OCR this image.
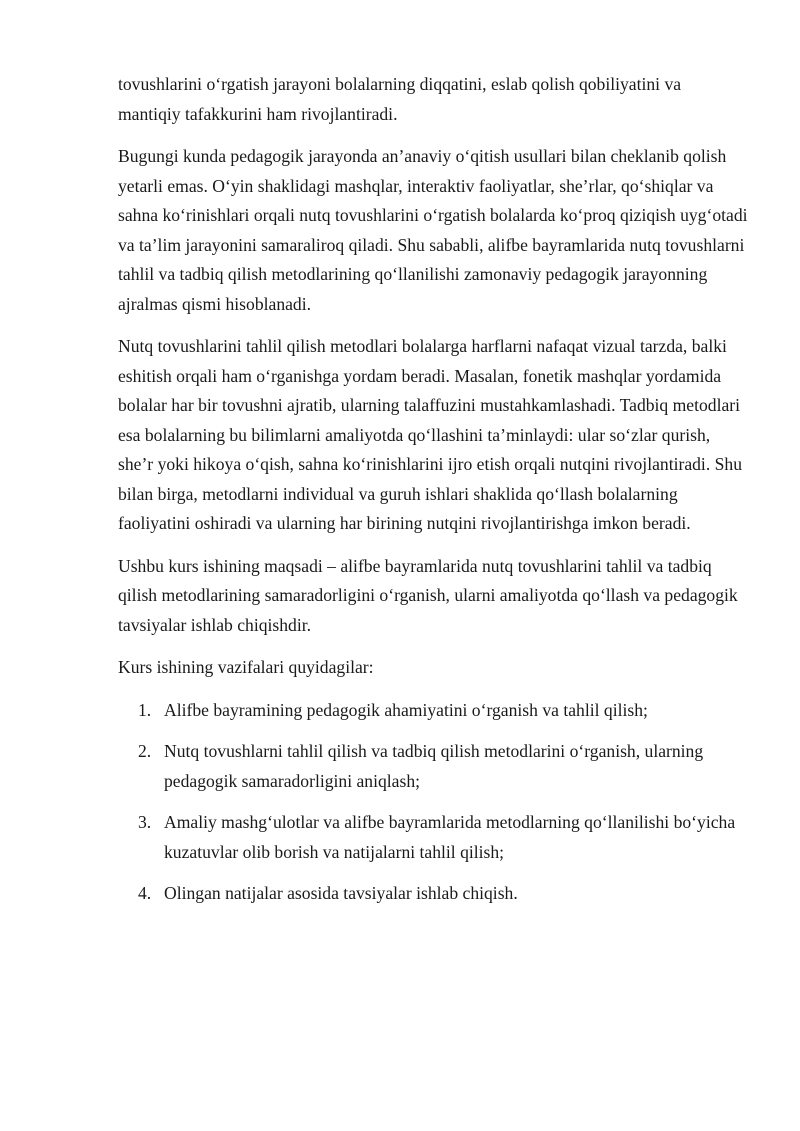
tovushlarini o‘rgatish jarayoni bolalarning diqqatini, eslab qolish qobiliyatini va mantiqiy tafakkurini ham rivojlantiradi.

Bugungi kunda pedagogik jarayonda an’anaviy o‘qitish usullari bilan cheklanib qolish yetarli emas. O‘yin shaklidagi mashqlar, interaktiv faoliyatlar, she’rlar, qo‘shiqlar va sahna ko‘rinishlari orqali nutq tovushlarini o‘rgatish bolalarda ko‘proq qiziqish uyg‘otadi va ta’lim jarayonini samaraliroq qiladi. Shu sababli, alifbe bayramlarida nutq tovushlarni tahlil va tadbiq qilish metodlarining qo‘llanilishi zamonaviy pedagogik jarayonning ajralmas qismi hisoblanadi.

Nutq tovushlarini tahlil qilish metodlari bolalarga harflarni nafaqat vizual tarzda, balki eshitish orqali ham o‘rganishga yordam beradi. Masalan, fonetik mashqlar yordamida bolalar har bir tovushni ajratib, ularning talaffuzini mustahkamlashadi. Tadbiq metodlari esa bolalarning bu bilimlarni amaliyotda qo‘llashini ta’minlaydi: ular so‘zlar qurish, she’r yoki hikoya o‘qish, sahna ko‘rinishlarini ijro etish orqali nutqini rivojlantiradi. Shu bilan birga, metodlarni individual va guruh ishlari shaklida qo‘llash bolalarning faoliyatini oshiradi va ularning har birining nutqini rivojlantirishga imkon beradi.

Ushbu kurs ishining maqsadi – alifbe bayramlarida nutq tovushlarini tahlil va tadbiq qilish metodlarining samaradorligini o‘rganish, ularni amaliyotda qo‘llash va pedagogik tavsiyalar ishlab chiqishdir.

Kurs ishining vazifalari quyidagilar:

1. Alifbe bayramining pedagogik ahamiyatini o‘rganish va tahlil qilish;
2. Nutq tovushlarni tahlil qilish va tadbiq qilish metodlarini o‘rganish, ularning pedagogik samaradorligini aniqlash;
3. Amaliy mashg‘ulotlar va alifbe bayramlarida metodlarning qo‘llanilishi bo‘yicha kuzatuvlar olib borish va natijalarni tahlil qilish;
4. Olingan natijalar asosida tavsiyalar ishlab chiqish.
